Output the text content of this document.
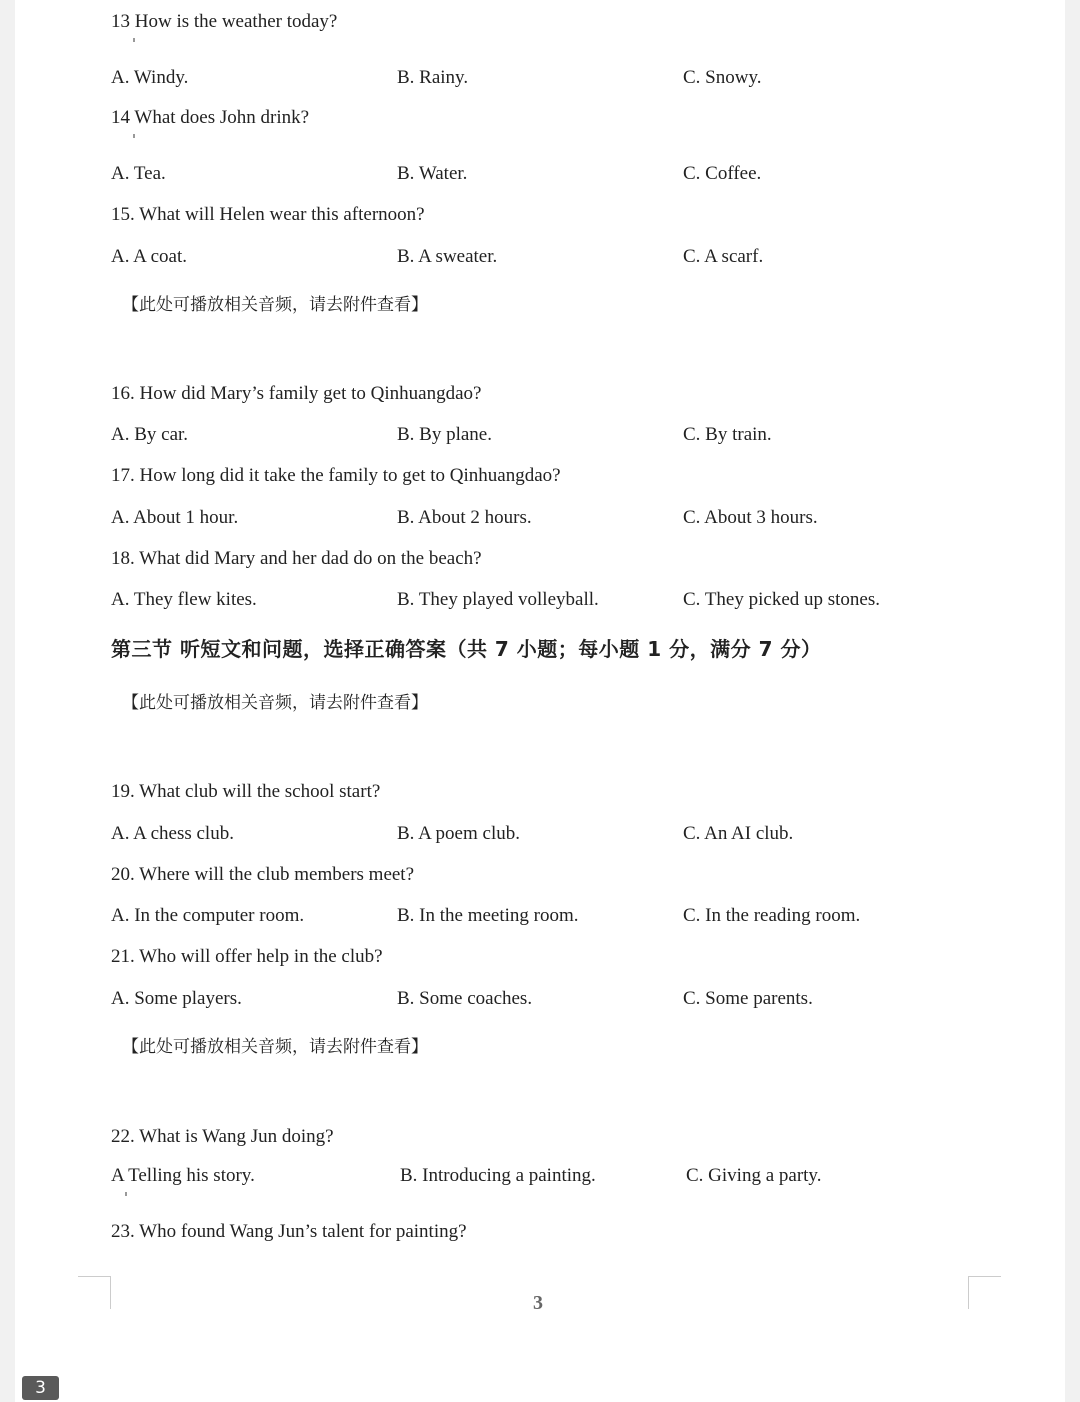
13 How is the weather today?
A. Windy.	B. Rainy.	C. Snowy.
14 What does John drink?
A. Tea.	B. Water.	C. Coffee.
15. What will Helen wear this afternoon?
A. A coat.	B. A sweater.	C. A scarf.
【此处可播放相关音频，请去附件查看】
16. How did Mary’s family get to Qinhuangdao?
A. By car.	B. By plane.	C. By train.
17. How long did it take the family to get to Qinhuangdao?
A. About 1 hour.	B. About 2 hours.	C. About 3 hours.
18. What did Mary and her dad do on the beach?
A. They flew kites.	B. They played volleyball.	C. They picked up stones.
第三节 听短文和问题，选择正确答案（共 7 小题；每小题 1 分，满分 7 分）
【此处可播放相关音频，请去附件查看】
19. What club will the school start?
A. A chess club.	B. A poem club.	C. An AI club.
20. Where will the club members meet?
A. In the computer room.	B. In the meeting room.	C. In the reading room.
21. Who will offer help in the club?
A. Some players.	B. Some coaches.	C. Some parents.
【此处可播放相关音频，请去附件查看】
22. What is Wang Jun doing?
A Telling his story.	B. Introducing a painting.	C. Giving a party.
23. Who found Wang Jun’s talent for painting?
3
3
